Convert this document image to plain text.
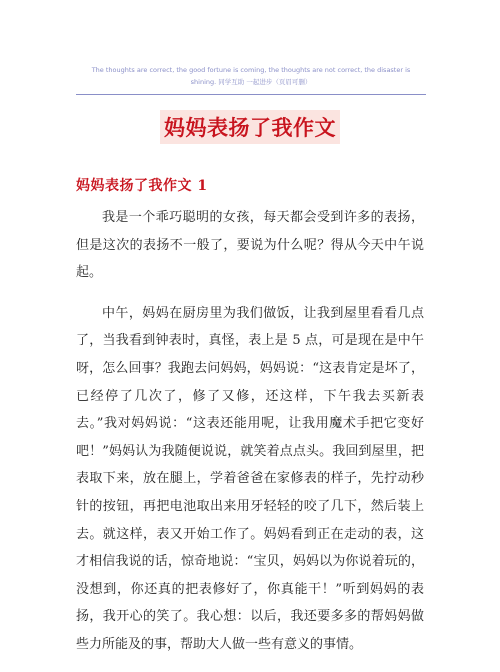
The thoughts are correct, the good fortune is coming, the thoughts are not correct, the disaster is shining. 同学互助 一起进步（页眉可删）
妈妈表扬了我作文
妈妈表扬了我作文 1

我是一个乖巧聪明的女孩，每天都会受到许多的表扬，但是这次的表扬不一般了，要说为什么呢？得从今天中午说起。

中午，妈妈在厨房里为我们做饭，让我到屋里看看几点了，当我看到钟表时，真怪，表上是 5 点，可是现在是中午呀，怎么回事？我跑去问妈妈，妈妈说：“这表肯定是坏了，已经停了几次了，修了又修，还这样，下午我去买新表去。”我对妈妈说：“这表还能用呢，让我用魔术手把它变好吧！”妈妈认为我随便说说，就笑着点点头。我回到屋里，把表取下来，放在腿上，学着爸爸在家修表的样子，先拧动秒针的按钮，再把电池取出来用牙轻轻的咬了几下，然后装上去。就这样，表又开始工作了。妈妈看到正在走动的表，这才相信我说的话，惊奇地说：“宝贝，妈妈以为你说着玩的，没想到，你还真的把表修好了，你真能干！”听到妈妈的表扬，我开心的笑了。我心想：以后，我还要多多的帮妈妈做些力所能及的事，帮助大人做一些有意义的事情。
